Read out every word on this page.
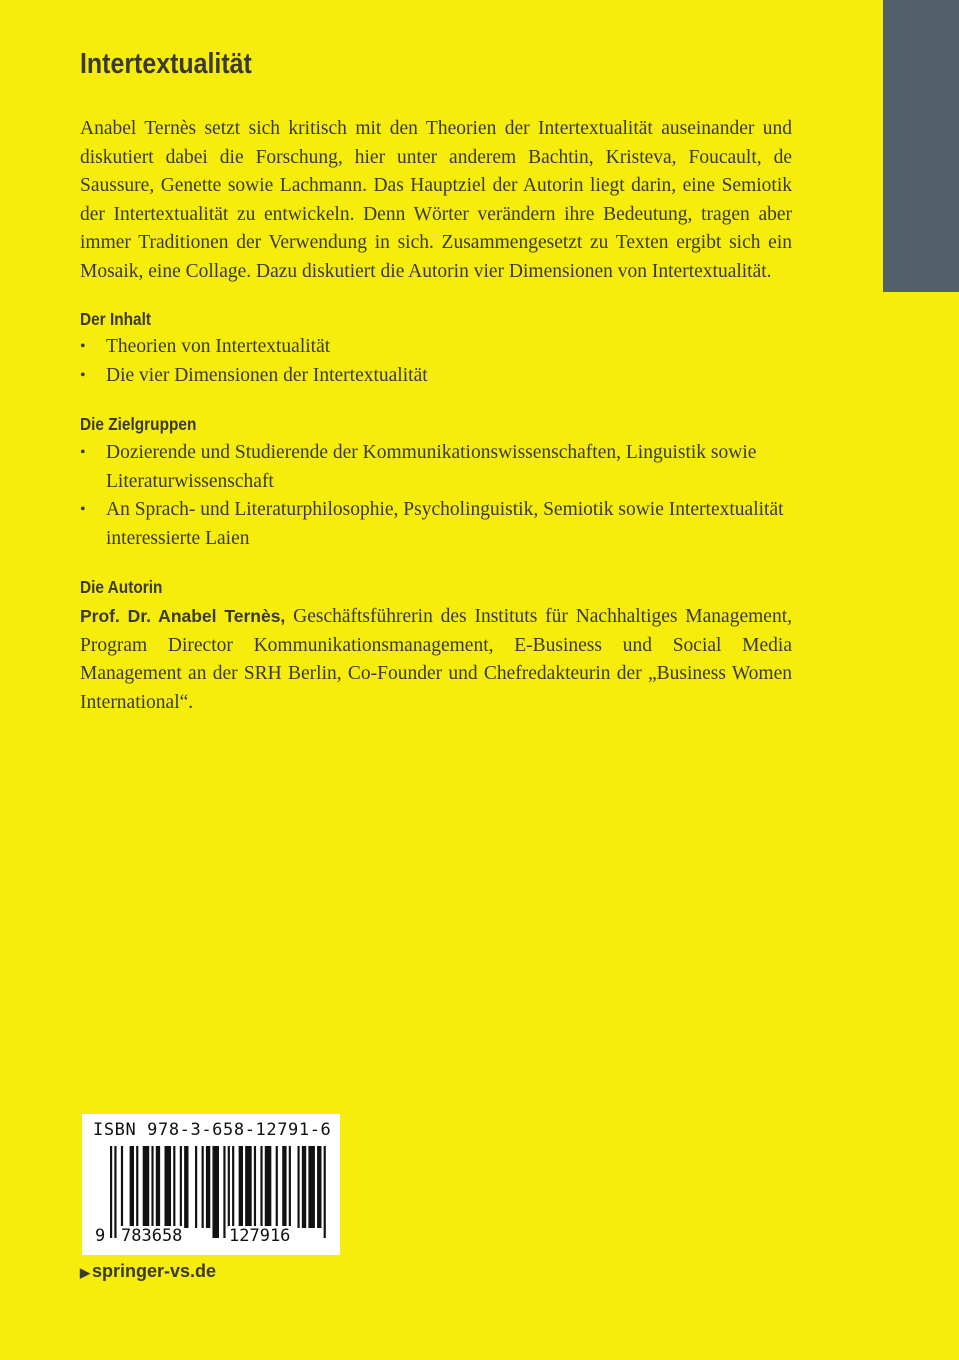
Intertextualität

Anabel Ternès setzt sich kritisch mit den Theorien der Intertextualität auseinander und diskutiert dabei die Forschung, hier unter anderem Bachtin, Kristeva, Foucault, de Saussure, Genette sowie Lachmann. Das Hauptziel der Autorin liegt darin, eine Semiotik der Intertextualität zu entwickeln. Denn Wörter verändern ihre Bedeutung, tragen aber immer Traditionen der Verwendung in sich. Zusammengesetzt zu Texten ergibt sich ein Mosaik, eine Collage. Dazu diskutiert die Autorin vier Dimensionen von Intertextualität.

Der Inhalt
• Theorien von Intertextualität
• Die vier Dimensionen der Intertextualität
Die Zielgruppen
• Dozierende und Studierende der Kommunikationswissenschaften, Linguistik sowie Literaturwissenschaft
• An Sprach- und Literaturphilosophie, Psycholinguistik, Semiotik sowie Intertextualität interessierte Laien
Die Autorin

Prof. Dr. Anabel Ternès, Geschäftsführerin des Instituts für Nachhaltiges Management, Program Director Kommunikationsmanagement, E-Business und Social Media Management an der SRH Berlin, Co-Founder und Chefredakteurin der „Business Women International“.

ISBN 978-3-658-12791-6
9 783658	127916
▶ springer-vs.de
